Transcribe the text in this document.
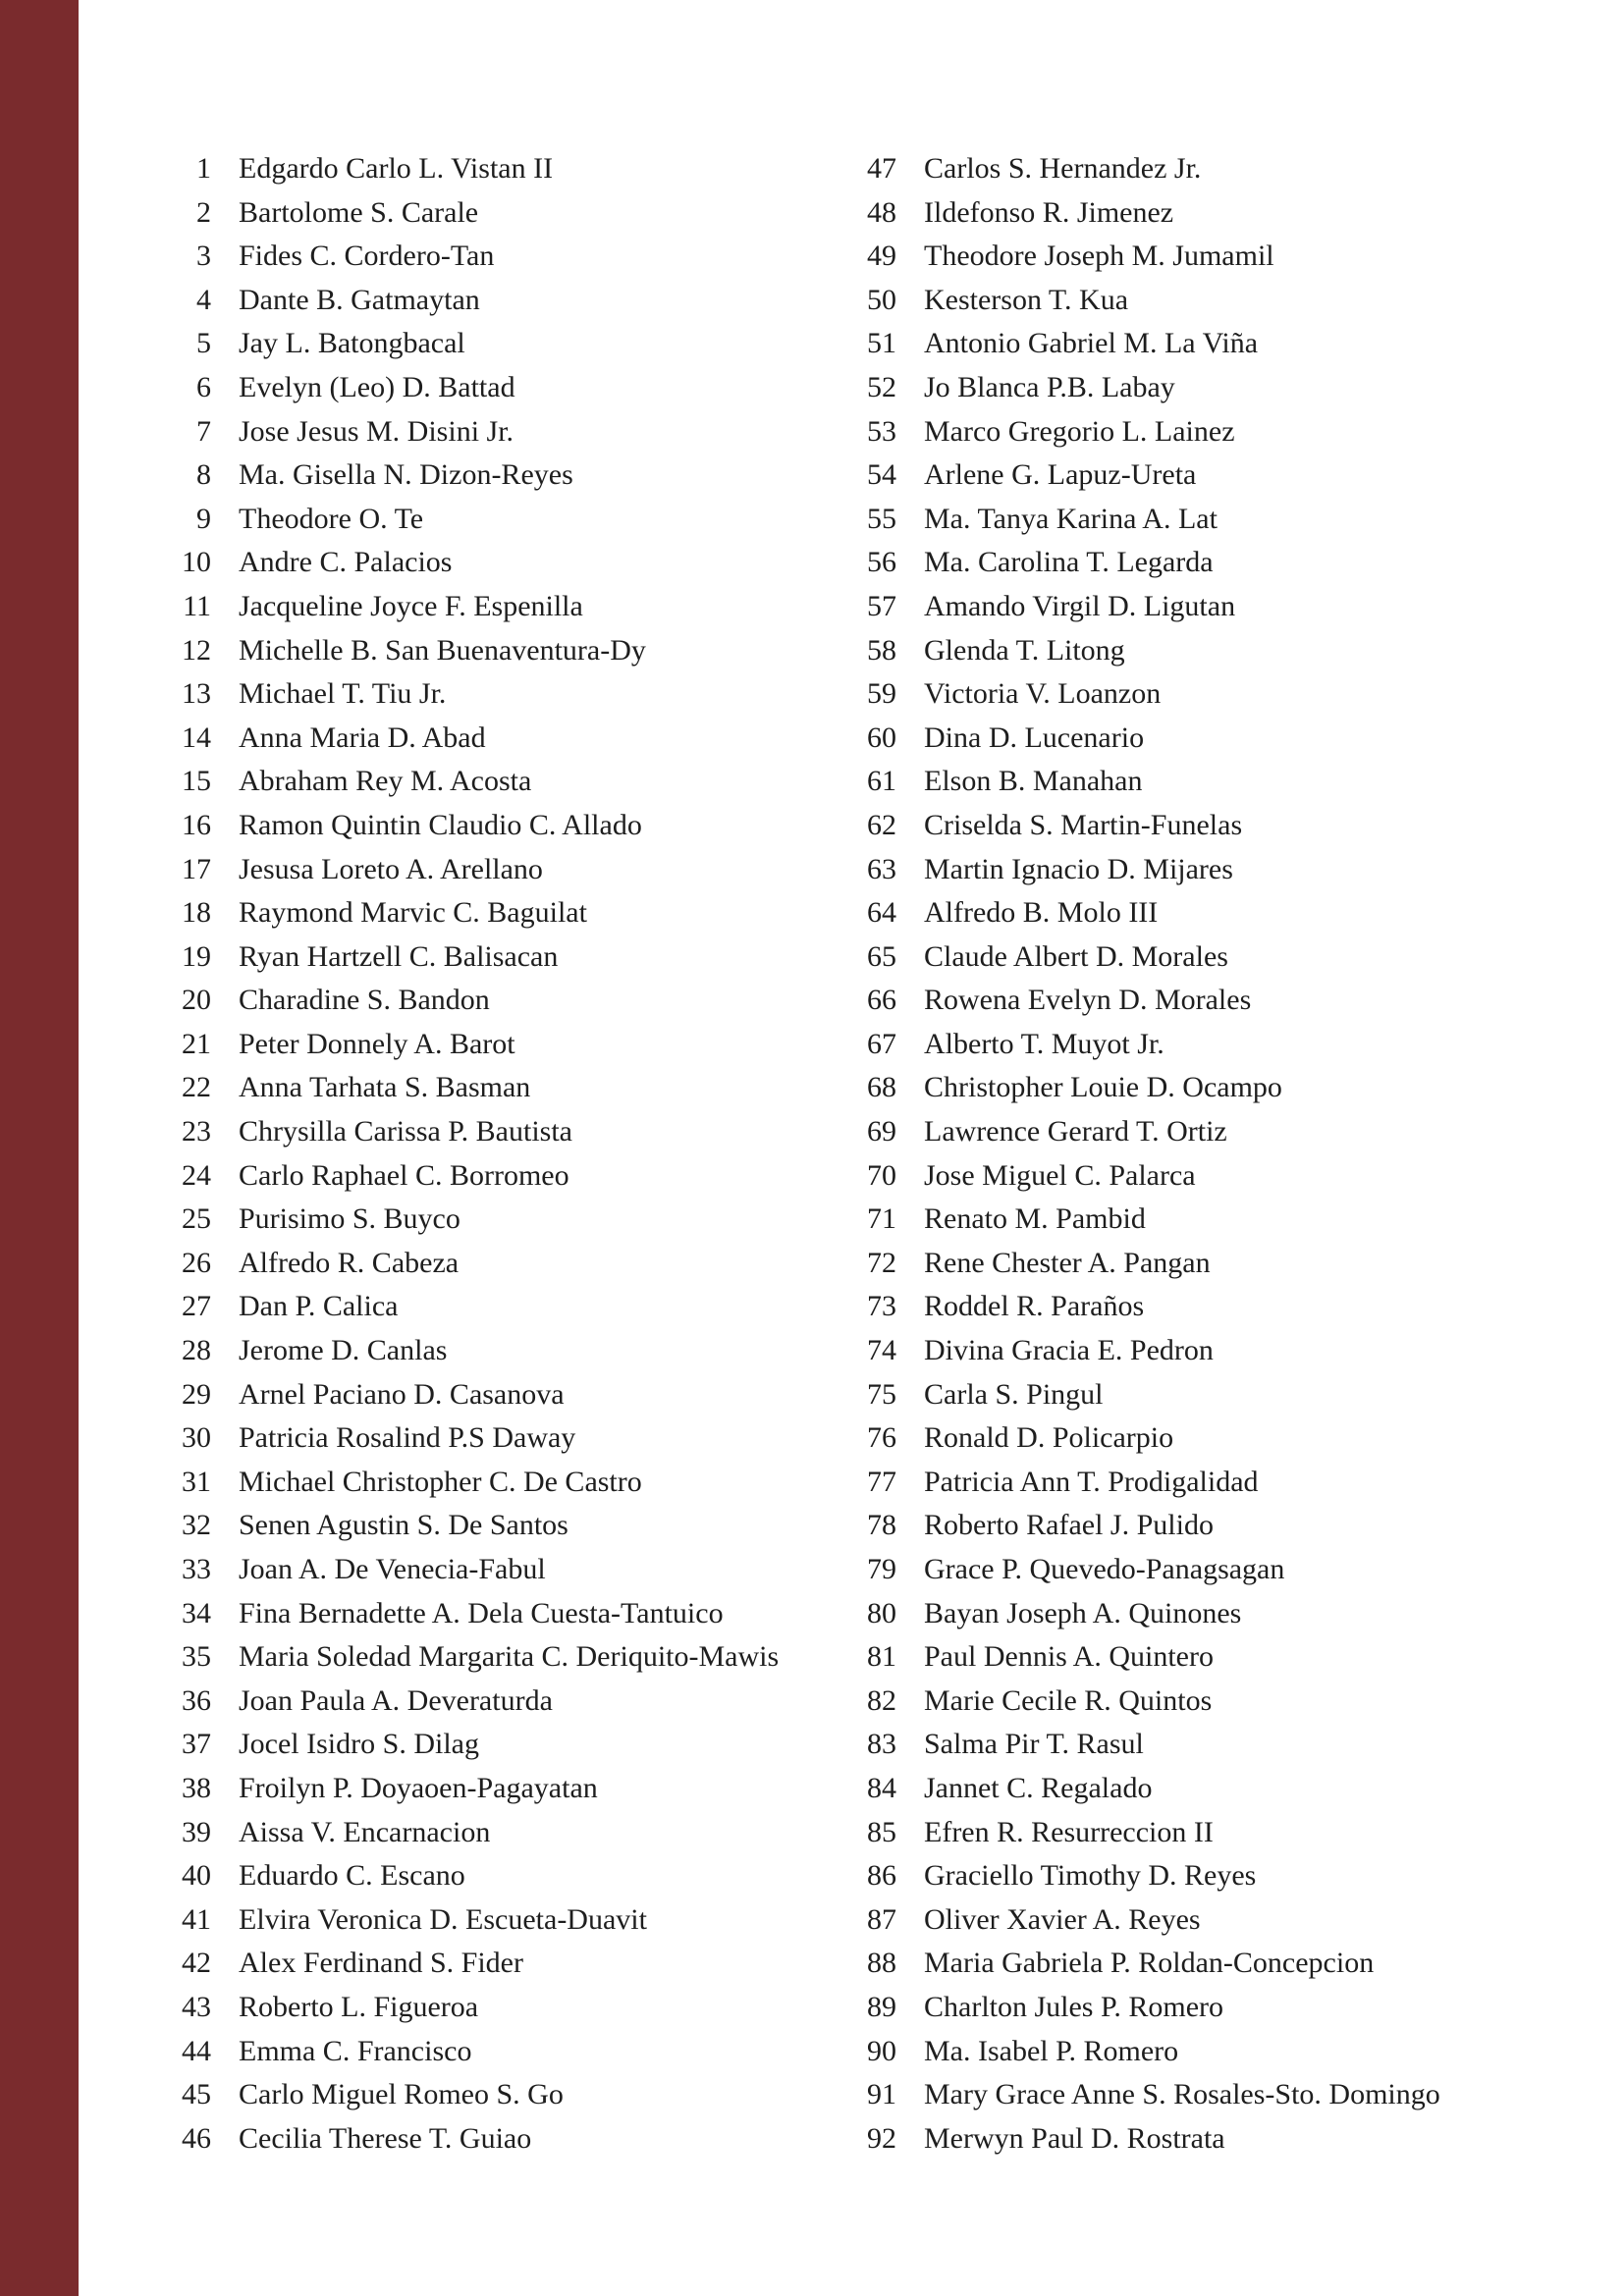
1 Edgardo Carlo L. Vistan II
2 Bartolome S. Carale
3 Fides C. Cordero-Tan
4 Dante B. Gatmaytan
5 Jay L. Batongbacal
6 Evelyn (Leo) D. Battad
7 Jose Jesus M. Disini Jr.
8 Ma. Gisella N. Dizon-Reyes
9 Theodore O. Te
10 Andre C. Palacios
11 Jacqueline Joyce F. Espenilla
12 Michelle B. San Buenaventura-Dy
13 Michael T. Tiu Jr.
14 Anna Maria D. Abad
15 Abraham Rey M. Acosta
16 Ramon Quintin Claudio C. Allado
17 Jesusa Loreto A. Arellano
18 Raymond Marvic C. Baguilat
19 Ryan Hartzell C. Balisacan
20 Charadine S. Bandon
21 Peter Donnely A. Barot
22 Anna Tarhata S. Basman
23 Chrysilla Carissa P. Bautista
24 Carlo Raphael C. Borromeo
25 Purisimo S. Buyco
26 Alfredo R. Cabeza
27 Dan P. Calica
28 Jerome D. Canlas
29 Arnel Paciano D. Casanova
30 Patricia Rosalind P.S Daway
31 Michael Christopher C. De Castro
32 Senen Agustin S. De Santos
33 Joan A. De Venecia-Fabul
34 Fina Bernadette A. Dela Cuesta-Tantuico
35 Maria Soledad Margarita C. Deriquito-Mawis
36 Joan Paula A. Deveraturda
37 Jocel Isidro S. Dilag
38 Froilyn P. Doyaoen-Pagayatan
39 Aissa V. Encarnacion
40 Eduardo C. Escano
41 Elvira Veronica D. Escueta-Duavit
42 Alex Ferdinand S. Fider
43 Roberto L. Figueroa
44 Emma C. Francisco
45 Carlo Miguel Romeo S. Go
46 Cecilia Therese T. Guiao
47 Carlos S. Hernandez Jr.
48 Ildefonso R. Jimenez
49 Theodore Joseph M. Jumamil
50 Kesterson T. Kua
51 Antonio Gabriel M. La Viña
52 Jo Blanca P.B. Labay
53 Marco Gregorio L. Lainez
54 Arlene G. Lapuz-Ureta
55 Ma. Tanya Karina A. Lat
56 Ma. Carolina T. Legarda
57 Amando Virgil D. Ligutan
58 Glenda T. Litong
59 Victoria V. Loanzon
60 Dina D. Lucenario
61 Elson B. Manahan
62 Criselda S. Martin-Funelas
63 Martin Ignacio D. Mijares
64 Alfredo B. Molo III
65 Claude Albert D. Morales
66 Rowena Evelyn D. Morales
67 Alberto T. Muyot Jr.
68 Christopher Louie D. Ocampo
69 Lawrence Gerard T. Ortiz
70 Jose Miguel C. Palarca
71 Renato M. Pambid
72 Rene Chester A. Pangan
73 Roddel R. Paraños
74 Divina Gracia E. Pedron
75 Carla S. Pingul
76 Ronald D. Policarpio
77 Patricia Ann T. Prodigalidad
78 Roberto Rafael J. Pulido
79 Grace P. Quevedo-Panagsagan
80 Bayan Joseph A. Quinones
81 Paul Dennis A. Quintero
82 Marie Cecile R. Quintos
83 Salma Pir T. Rasul
84 Jannet C. Regalado
85 Efren R. Resurreccion II
86 Graciello Timothy D. Reyes
87 Oliver Xavier A. Reyes
88 Maria Gabriela P. Roldan-Concepcion
89 Charlton Jules P. Romero
90 Ma. Isabel P. Romero
91 Mary Grace Anne S. Rosales-Sto. Domingo
92 Merwyn Paul D. Rostrata
